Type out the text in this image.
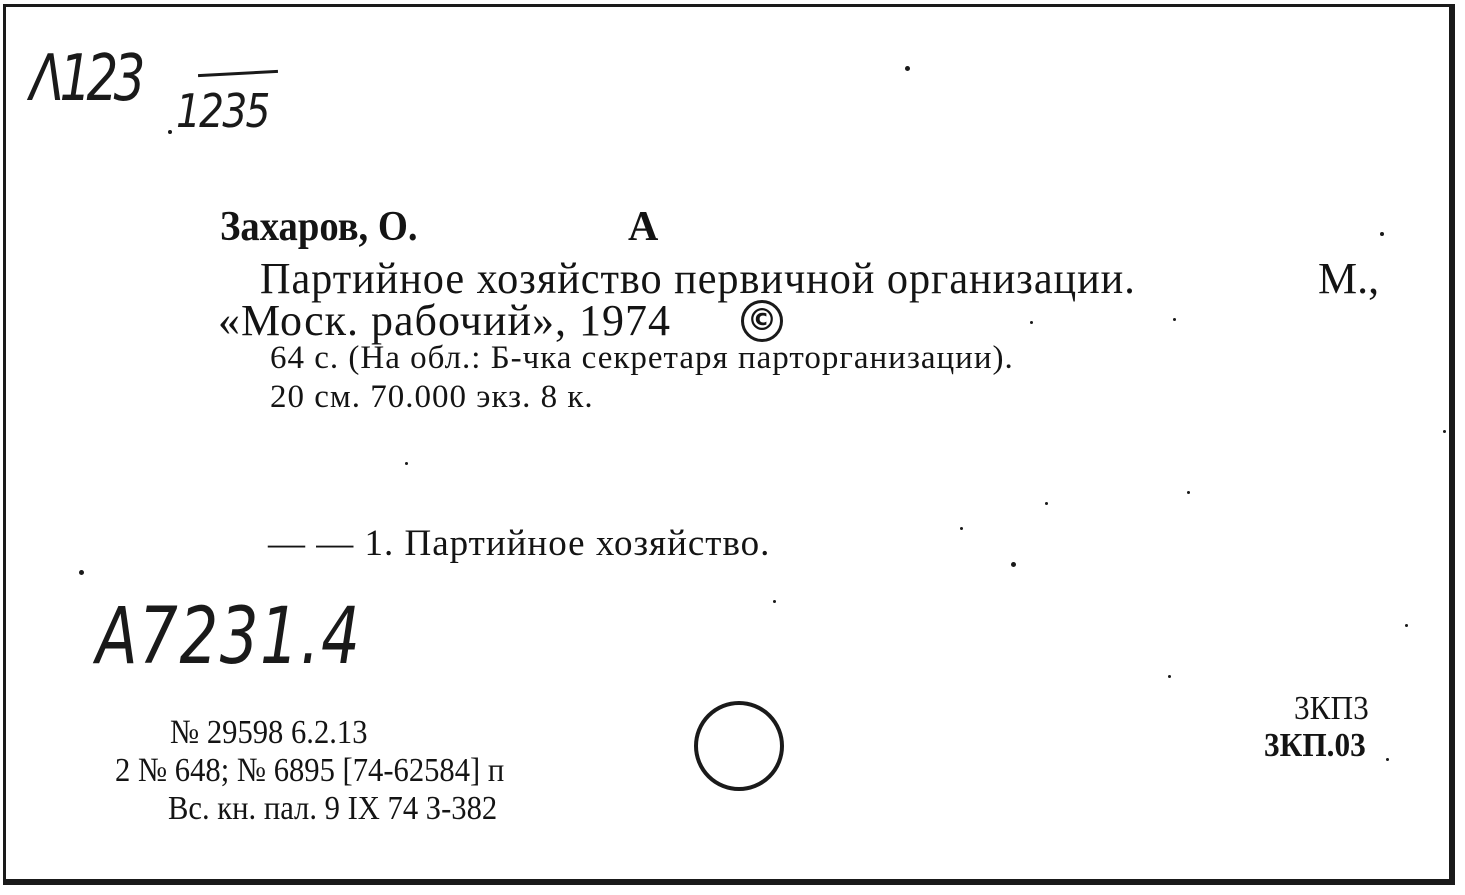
Λ123 1235
Захаров, О.	А
Партийное хозяйство первичной организации.	М.,
«Моск. рабочий», 1974	©
64 с. (На обл.: Б-чка секретаря парторганизации).
20 см. 70.000 экз. 8 к.
— — 1. Партийное хозяйство.
A7231.4
№ 29598 6.2.13
2 № 648; № 6895 [74-62584] п
Вс. кн. пал. 9 IX 74 З-382
3КП3
3КП.03
